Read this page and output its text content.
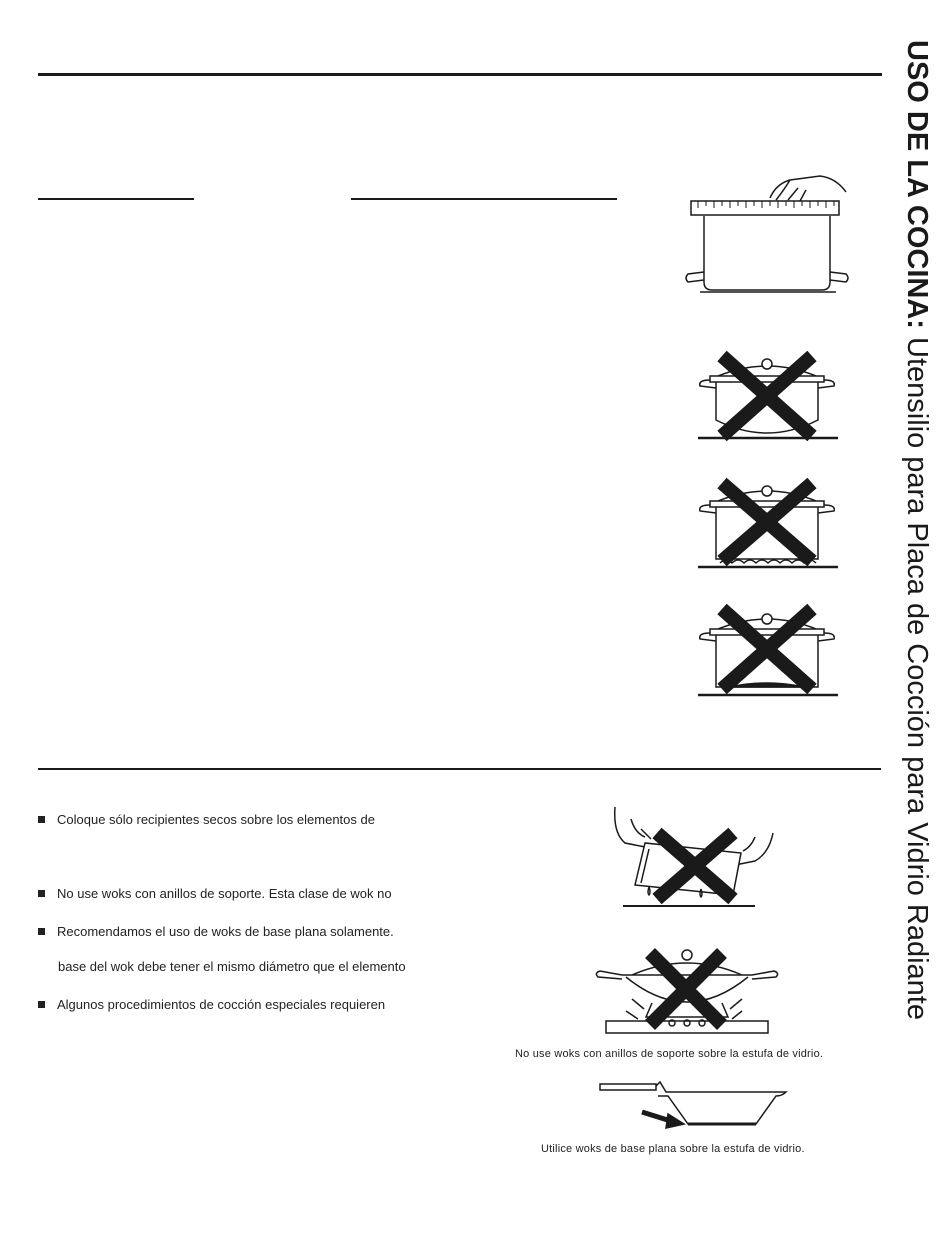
USO DE LA COCINA: Utensilio para Placa de Cocción para Vidrio Radiante
Coloque sólo recipientes secos sobre los elementos de
No use woks con anillos de soporte. Esta clase de wok no
Recomendamos el uso de woks de base plana solamente.
base del wok debe tener el mismo diámetro que el elemento
Algunos procedimientos de cocción especiales requieren
No use woks con anillos de soporte sobre la estufa de vidrio.
Utilice woks de base plana sobre la estufa de vidrio.
